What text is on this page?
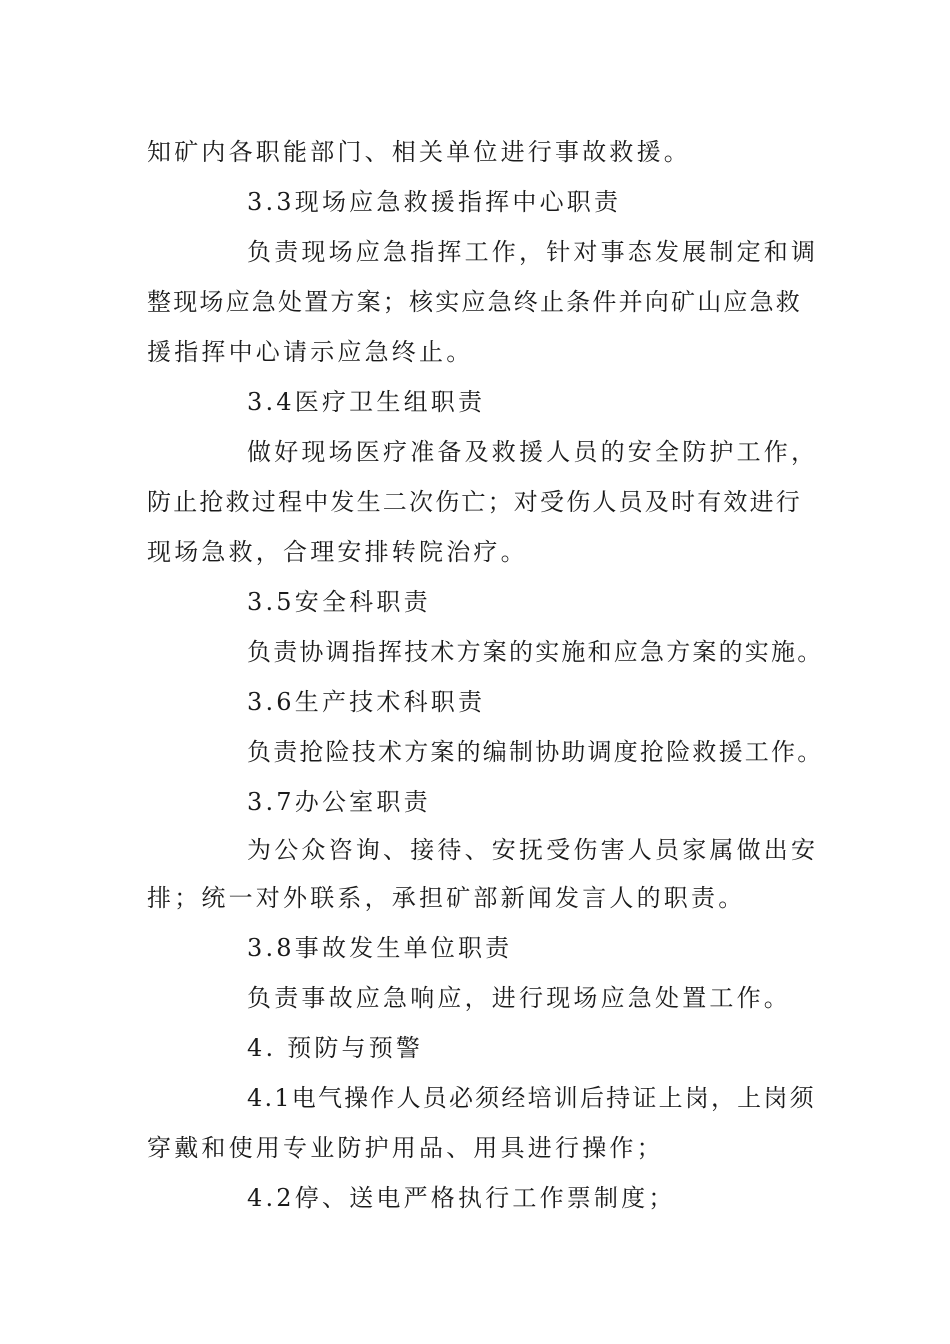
知矿内各职能部门、相关单位进行事故救援。
3.3现场应急救援指挥中心职责
负责现场应急指挥工作，针对事态发展制定和调
整现场应急处置方案；核实应急终止条件并向矿山应急救
援指挥中心请示应急终止。
3.4医疗卫生组职责
做好现场医疗准备及救援人员的安全防护工作，
防止抢救过程中发生二次伤亡；对受伤人员及时有效进行
现场急救，合理安排转院治疗。
3.5安全科职责
负责协调指挥技术方案的实施和应急方案的实施。
3.6生产技术科职责
负责抢险技术方案的编制协助调度抢险救援工作。
3.7办公室职责
为公众咨询、接待、安抚受伤害人员家属做出安
排；统一对外联系，承担矿部新闻发言人的职责。
3.8事故发生单位职责
负责事故应急响应，进行现场应急处置工作。
4. 预防与预警
4.1电气操作人员必须经培训后持证上岗，上岗须
穿戴和使用专业防护用品、用具进行操作；
4.2停、送电严格执行工作票制度；
